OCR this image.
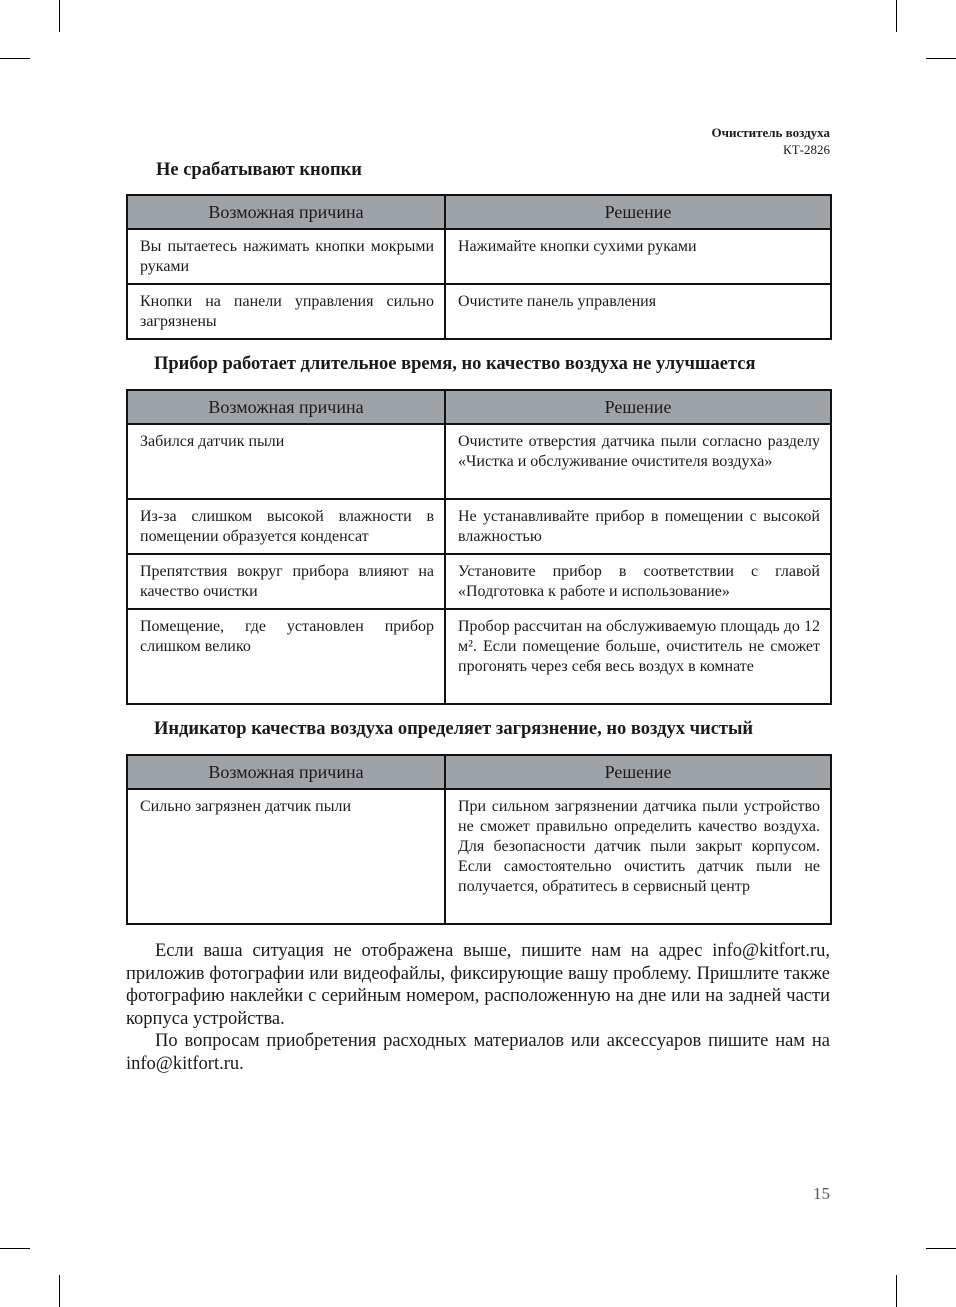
Очиститель воздуха
КТ-2826
Не срабатывают кнопки
Возможная причина	Решение
Вы пытаетесь нажимать кнопки мокрыми руками	Нажимайте кнопки сухими руками
Кнопки на панели управления сильно загрязнены	Очистите панель управления
Прибор работает длительное время, но качество воздуха не улучшается
Возможная причина	Решение
Забился датчик пыли	Очистите отверстия датчика пыли согласно разделу «Чистка и обслуживание очистителя воздуха»
Из-за слишком высокой влажности в помещении образуется конденсат	Не устанавливайте прибор в помещении с высокой влажностью
Препятствия вокруг прибора влияют на качество очистки	Установите прибор в соответствии с главой «Подготовка к работе и использование»
Помещение, где установлен прибор слишком велико	Пробор рассчитан на обслуживаемую площадь до 12 м². Если помещение больше, очиститель не сможет прогонять через себя весь воздух в комнате
Индикатор качества воздуха определяет загрязнение, но воздух чистый
Возможная причина	Решение
Сильно загрязнен датчик пыли	При сильном загрязнении датчика пыли устройство не сможет правильно определить качество воздуха. Для безопасности датчик пыли закрыт корпусом. Если самостоятельно очистить датчик пыли не получается, обратитесь в сервисный центр

Если ваша ситуация не отображена выше, пишите нам на адрес info@kitfort.ru, приложив фотографии или видеофайлы, фиксирующие вашу проблему. Пришлите также фотографию наклейки с серийным номером, расположенную на дне или на задней части корпуса устройства.

По вопросам приобретения расходных материалов или аксессуаров пишите нам на info@kitfort.ru.

15
